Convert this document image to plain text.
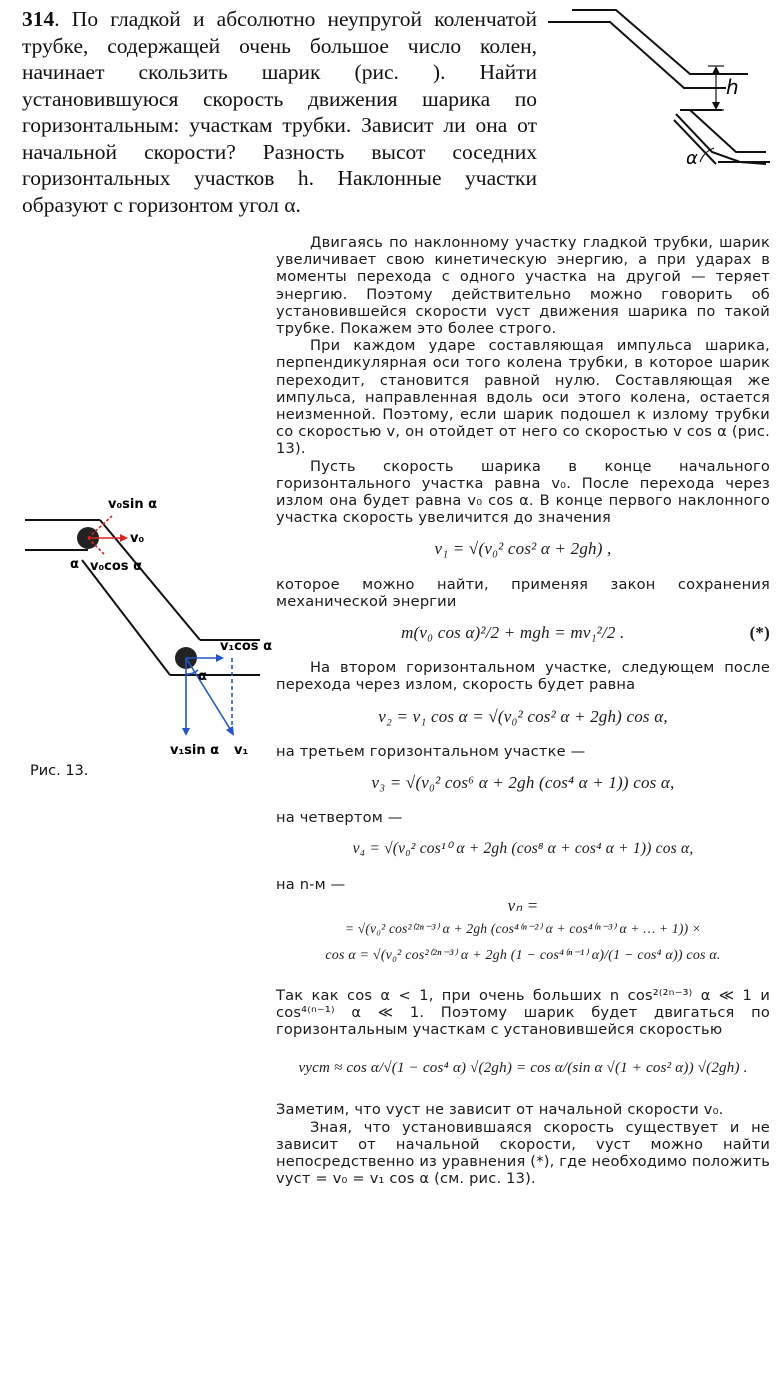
314. По гладкой и абсолютно неупругой коленчатой трубке, содержащей очень большое число колен, начинает скользить шарик (рис. ). Найти установившуюся скорость движения шарика по горизонтальным: участкам трубки. Зависит ли она от начальной скорости? Разность высот соседних горизонтальных участков h. Наклонные участки образуют с горизонтом угол α.
h
α
v₀sin α
v₀
α v₀cos α
v₁cos α
α
v₁sin α v₁
Рис. 13.

Двигаясь по наклонному участку гладкой трубки, шарик увеличивает свою кинетическую энергию, а при ударах в моменты перехода с одного участка на другой — теряет энергию. Поэтому действительно можно говорить об установившейся скорости vуст движения шарика по такой трубке. Покажем это более строго.

При каждом ударе составляющая импульса шарика, перпендикулярная оси того колена трубки, в которое шарик переходит, становится равной нулю. Составляющая же импульса, направленная вдоль оси этого колена, остается неизменной. Поэтому, если шарик подошел к излому трубки со скоростью v, он отойдет от него со скоростью v cos α (рис. 13).

Пусть скорость шарика в конце начального горизонтального участка равна v₀. После перехода через излом она будет равна v₀ cos α. В конце первого наклонного участка скорость увеличится до значения

v₁ = √(v₀² cos² α + 2gh) ,

которое можно найти, применяя закон сохранения механической энергии

m(v₀ cos α)²/2 + mgh = mv₁²/2 .	(*)

На втором горизонтальном участке, следующем после перехода через излом, скорость будет равна

v₂ = v₁ cos α = √(v₀² cos² α + 2gh) cos α,

на третьем горизонтальном участке —

v₃ = √(v₀² cos⁶ α + 2gh (cos⁴ α + 1)) cos α,

на четвертом —

v₄ = √(v₀² cos¹⁰ α + 2gh (cos⁸ α + cos⁴ α + 1)) cos α,

на n-м —

vₙ =
= √(v₀² cos²⁽²ⁿ⁻³⁾ α + 2gh (cos⁴⁽ⁿ⁻²⁾ α + cos⁴⁽ⁿ⁻³⁾ α + … + 1)) ×
cos α = √(v₀² cos²⁽²ⁿ⁻³⁾ α + 2gh (1 − cos⁴⁽ⁿ⁻¹⁾ α)/(1 − cos⁴ α)) cos α.

Так как cos α < 1, при очень больших n cos²⁽²ⁿ⁻³⁾ α ≪ 1 и cos⁴⁽ⁿ⁻¹⁾ α ≪ 1. Поэтому шарик будет двигаться по горизонтальным участкам с установившейся скоростью

vуст ≈ cos α/√(1 − cos⁴ α) √(2gh) = cos α/(sin α √(1 + cos² α)) √(2gh) .

Заметим, что vуст не зависит от начальной скорости v₀.

Зная, что установившаяся скорость существует и не зависит от начальной скорости, vуст можно найти непосредственно из уравнения (*), где необходимо положить vуст = v₀ = v₁ cos α (см. рис. 13).
